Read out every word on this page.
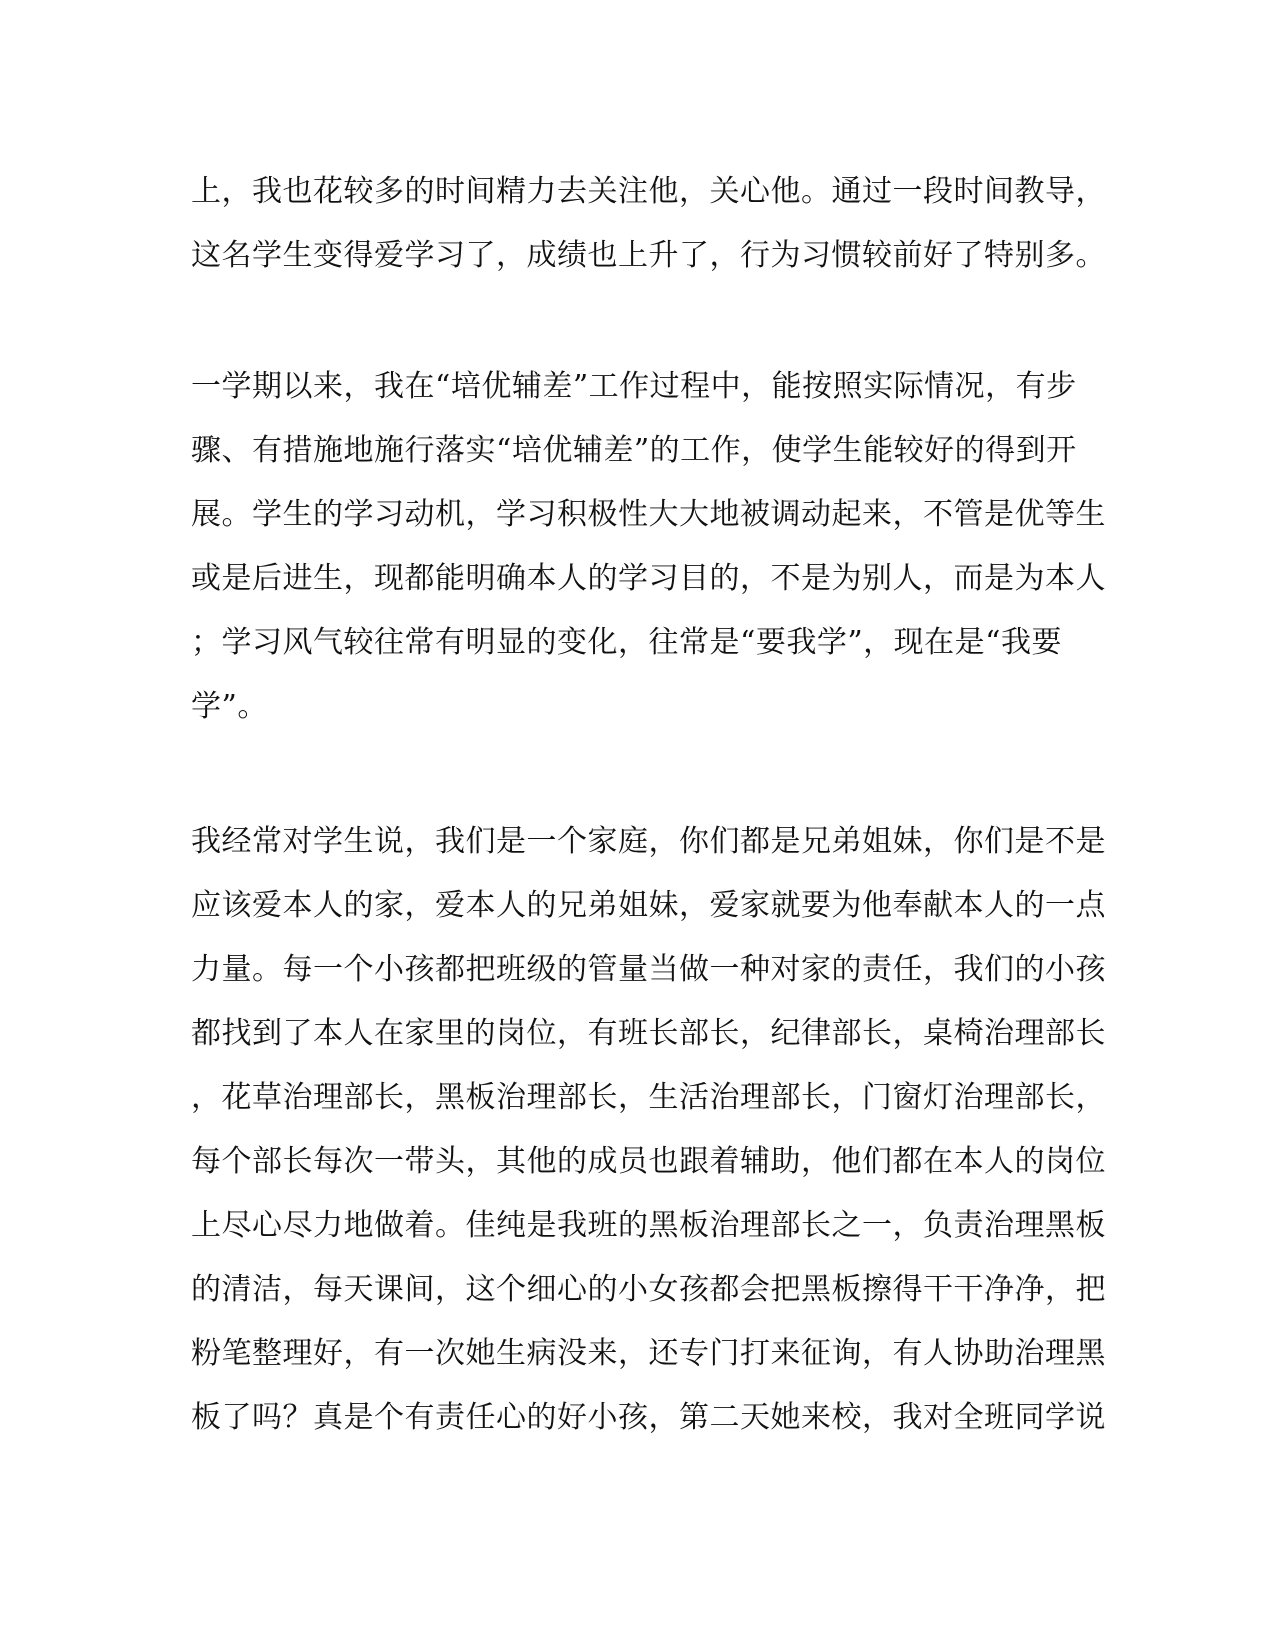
上，我也花较多的时间精力去关注他，关心他。通过一段时间教导，
这名学生变得爱学习了，成绩也上升了，行为习惯较前好了特别多。
一学期以来，我在“培优辅差”工作过程中，能按照实际情况，有步
骤、有措施地施行落实“培优辅差”的工作，使学生能较好的得到开
展。学生的学习动机，学习积极性大大地被调动起来，不管是优等生
或是后进生，现都能明确本人的学习目的，不是为别人，而是为本人
；学习风气较往常有明显的变化，往常是“要我学”，现在是“我要
学”。
我经常对学生说，我们是一个家庭，你们都是兄弟姐妹，你们是不是
应该爱本人的家，爱本人的兄弟姐妹，爱家就要为他奉献本人的一点
力量。每一个小孩都把班级的管量当做一种对家的责任，我们的小孩
都找到了本人在家里的岗位，有班长部长，纪律部长，桌椅治理部长
，花草治理部长，黑板治理部长，生活治理部长，门窗灯治理部长，
每个部长每次一带头，其他的成员也跟着辅助，他们都在本人的岗位
上尽心尽力地做着。佳纯是我班的黑板治理部长之一，负责治理黑板
的清洁，每天课间，这个细心的小女孩都会把黑板擦得干干净净，把
粉笔整理好，有一次她生病没来，还专门打来征询，有人协助治理黑
板了吗？真是个有责任心的好小孩，第二天她来校，我对全班同学说
